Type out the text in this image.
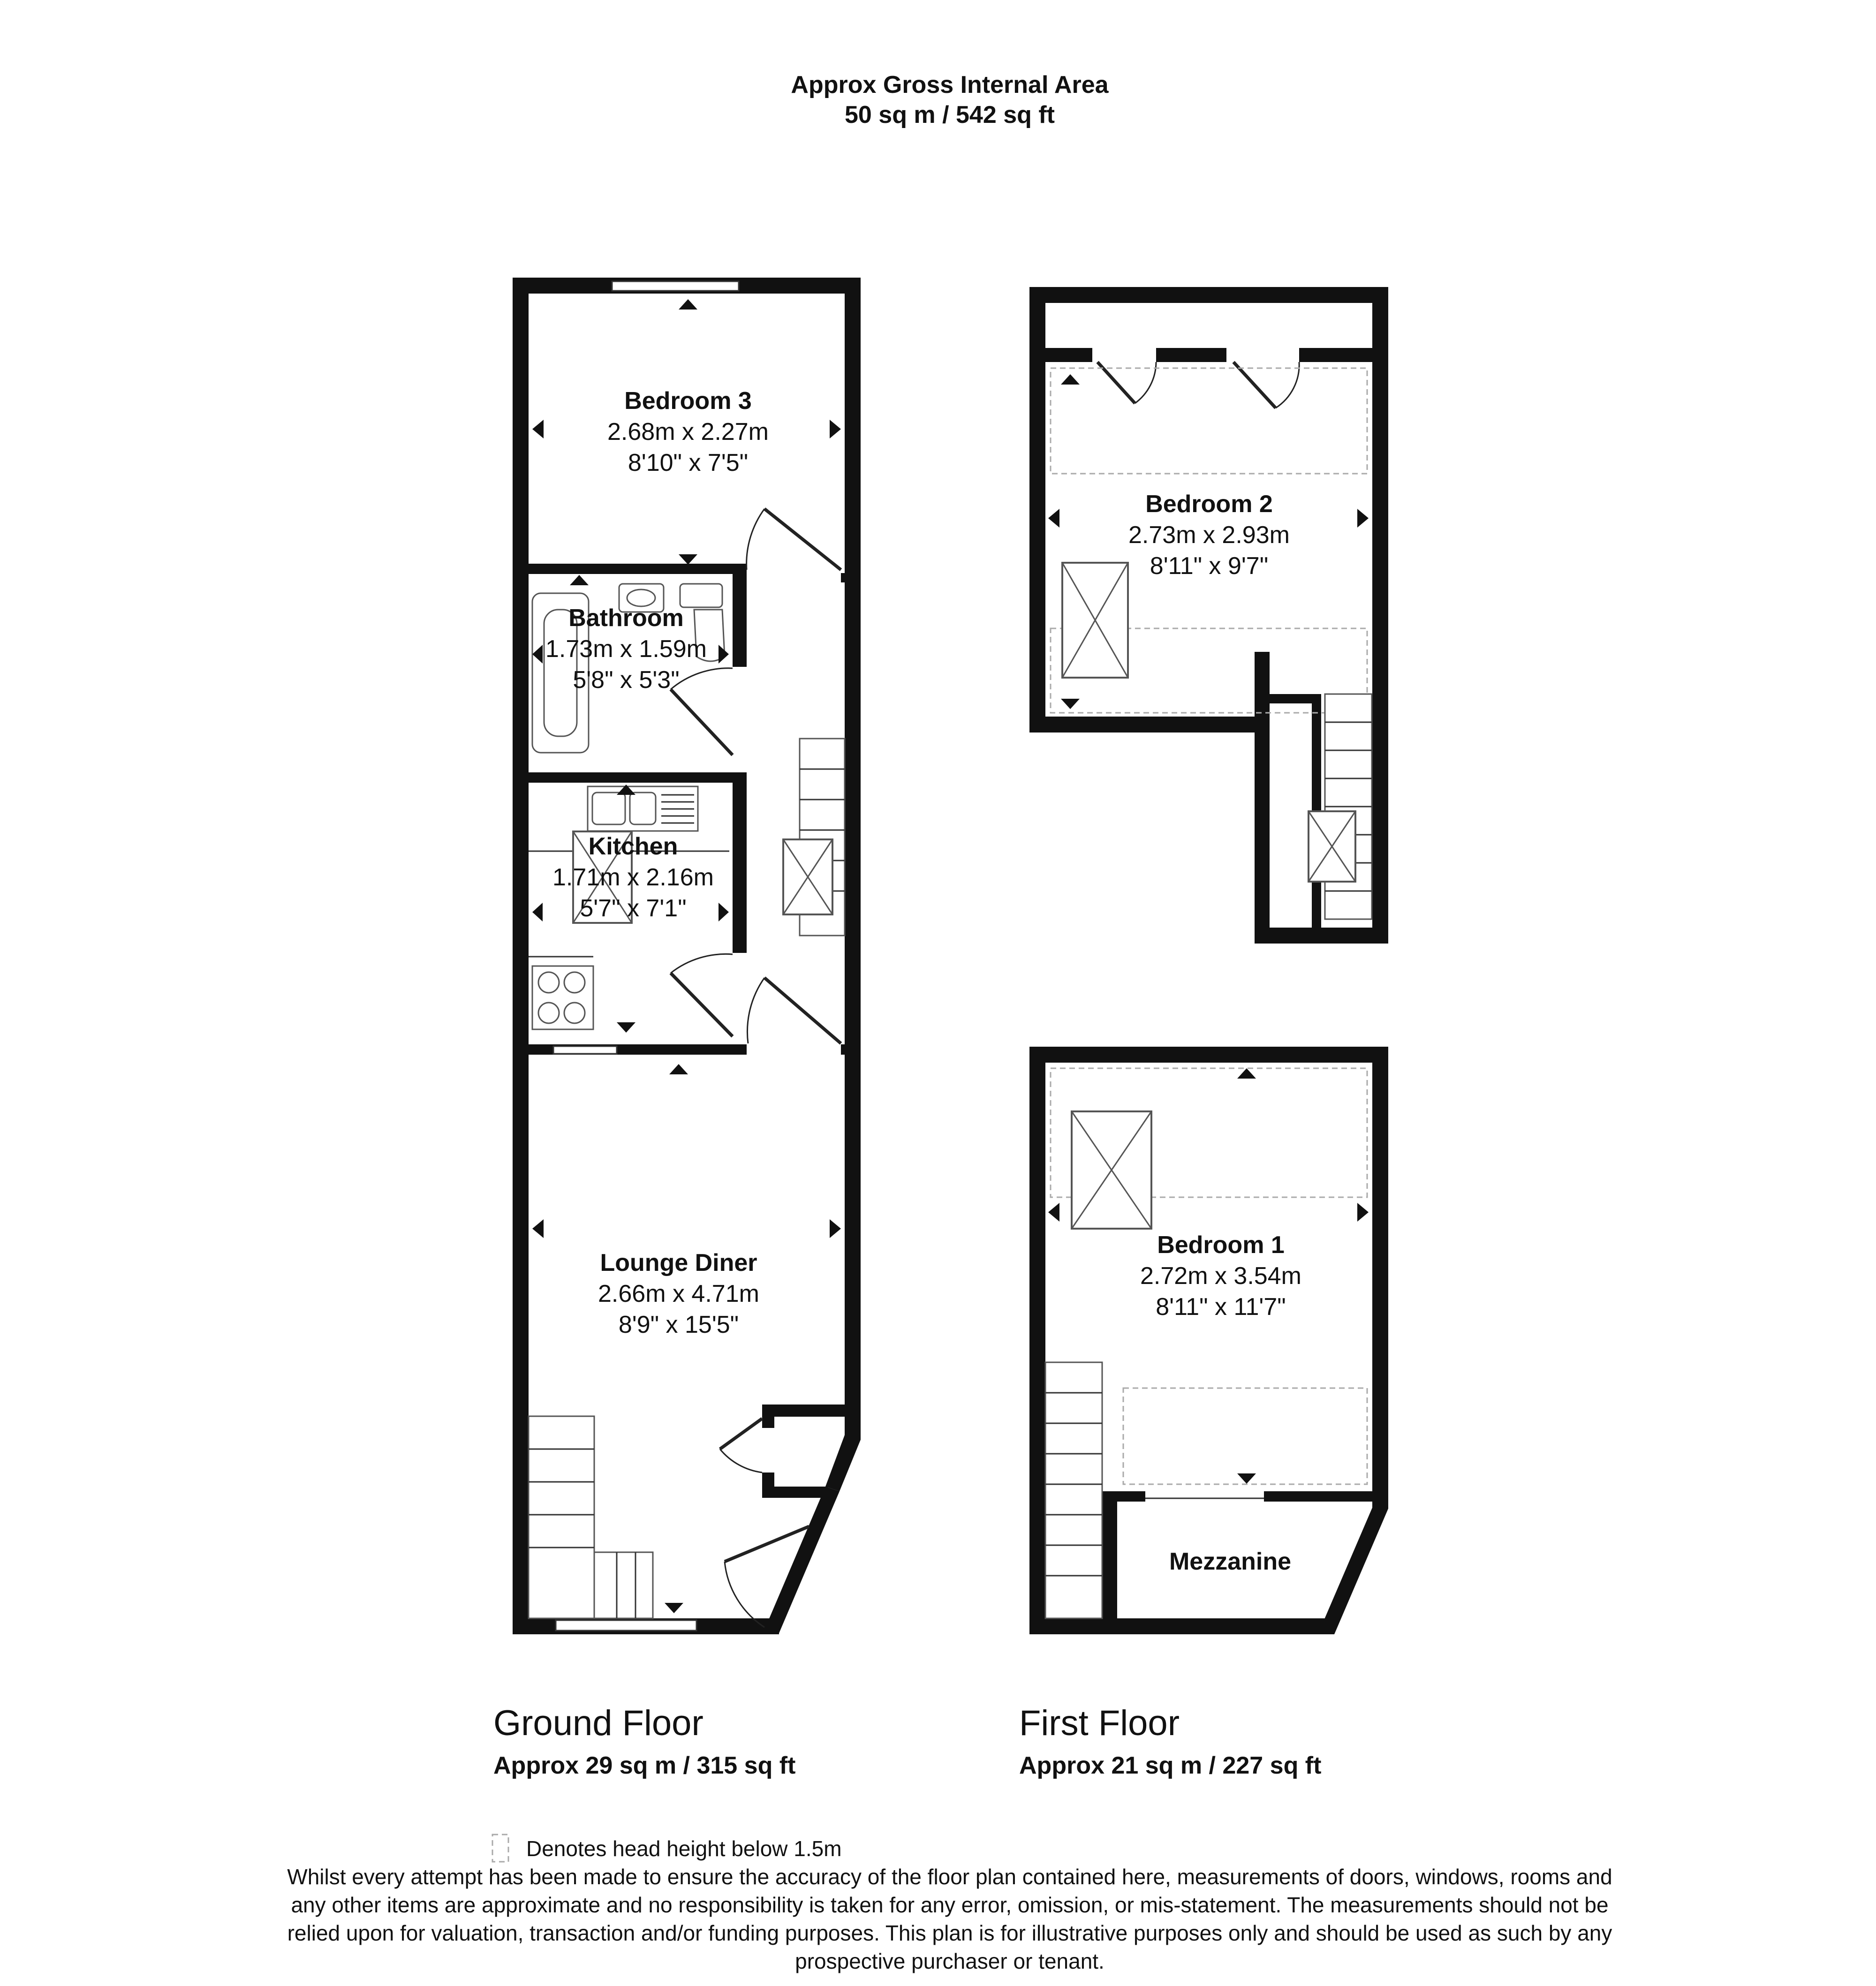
Approx Gross Internal Area
50 sq m / 542 sq ft
Bedroom 3
2.68m x 2.27m
8'10" x 7'5"
Bathroom
1.73m x 1.59m
5'8" x 5'3"
Kitchen
1.71m x 2.16m
5'7" x 7'1"
Lounge Diner
2.66m x 4.71m
8'9" x 15'5"
Bedroom 2
2.73m x 2.93m
8'11" x 9'7"
Bedroom 1
2.72m x 3.54m
8'11" x 11'7"
Mezzanine
Ground Floor
Approx 29 sq m / 315 sq ft
First Floor
Approx 21 sq m / 227 sq ft
Denotes head height below 1.5m
Whilst every attempt has been made to ensure the accuracy of the floor plan contained here, measurements of doors, windows, rooms and
any other items are approximate and no responsibility is taken for any error, omission, or mis-statement. The measurements should not be
relied upon for valuation, transaction and/or funding purposes. This plan is for illustrative purposes only and should be used as such by any
prospective purchaser or tenant.
